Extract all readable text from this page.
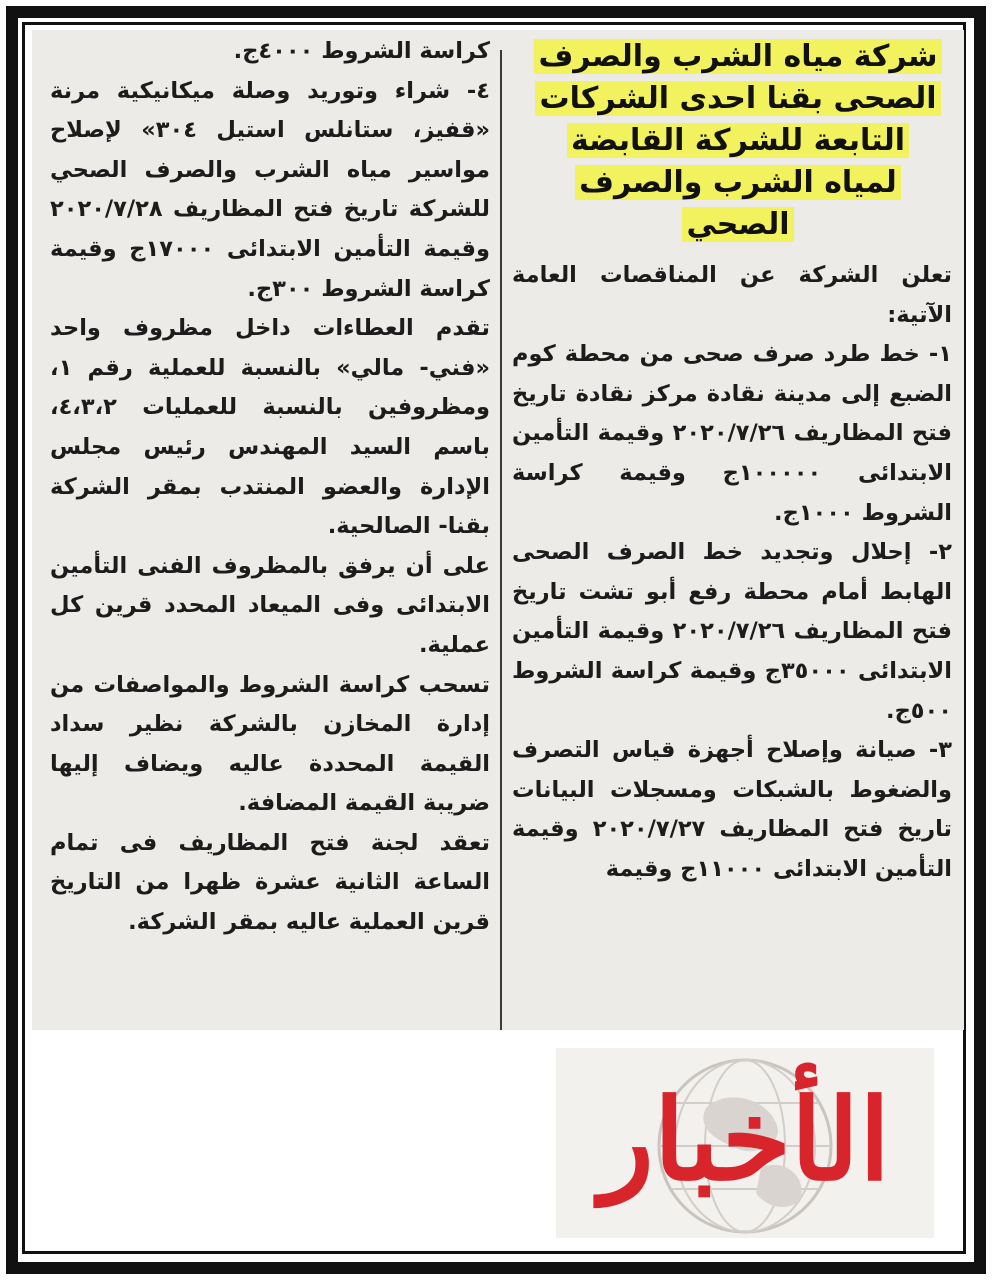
شركة مياه الشرب والصرف الصحى بقنا احدى الشركات التابعة للشركة القابضة لمياه الشرب والصرف الصحي

تعلن الشركة عن المناقصات العامة الآتية:

١- خط طرد صرف صحى من محطة كوم الضبع إلى مدينة نقادة مركز نقادة تاريخ فتح المظاريف ٢٠٢٠/٧/٢٦ وقيمة التأمين الابتدائى ١٠٠٠٠٠ج وقيمة كراسة الشروط ١٠٠٠ج.

٢- إحلال وتجديد خط الصرف الصحى الهابط أمام محطة رفع أبو تشت تاريخ فتح المظاريف ٢٠٢٠/٧/٢٦ وقيمة التأمين الابتدائى ٣٥٠٠٠ج وقيمة كراسة الشروط ٥٠٠ج.

٣- صيانة وإصلاح أجهزة قياس التصرف والضغوط بالشبكات ومسجلات البيانات تاريخ فتح المظاريف ٢٠٢٠/٧/٢٧ وقيمة التأمين الابتدائى ١١٠٠٠ج وقيمة

كراسة الشروط ٤٠٠٠ج.

٤- شراء وتوريد وصلة ميكانيكية مرنة «قفيز، ستانلس استيل ٣٠٤» لإصلاح مواسير مياه الشرب والصرف الصحي للشركة تاريخ فتح المظاريف ٢٠٢٠/٧/٢٨ وقيمة التأمين الابتدائى ١٧٠٠٠ج وقيمة كراسة الشروط ٣٠٠ج.

تقدم العطاءات داخل مظروف واحد «فني- مالي» بالنسبة للعملية رقم ١، ومظروفين بالنسبة للعمليات ٤،٣،٢، باسم السيد المهندس رئيس مجلس الإدارة والعضو المنتدب بمقر الشركة بقنا- الصالحية.

على أن يرفق بالمظروف الفنى التأمين الابتدائى وفى الميعاد المحدد قرين كل عملية.

تسحب كراسة الشروط والمواصفات من إدارة المخازن بالشركة نظير سداد القيمة المحددة عاليه ويضاف إليها ضريبة القيمة المضافة.

تعقد لجنة فتح المظاريف فى تمام الساعة الثانية عشرة ظهرا من التاريخ قرين العملية عاليه بمقر الشركة.

الأخبار
